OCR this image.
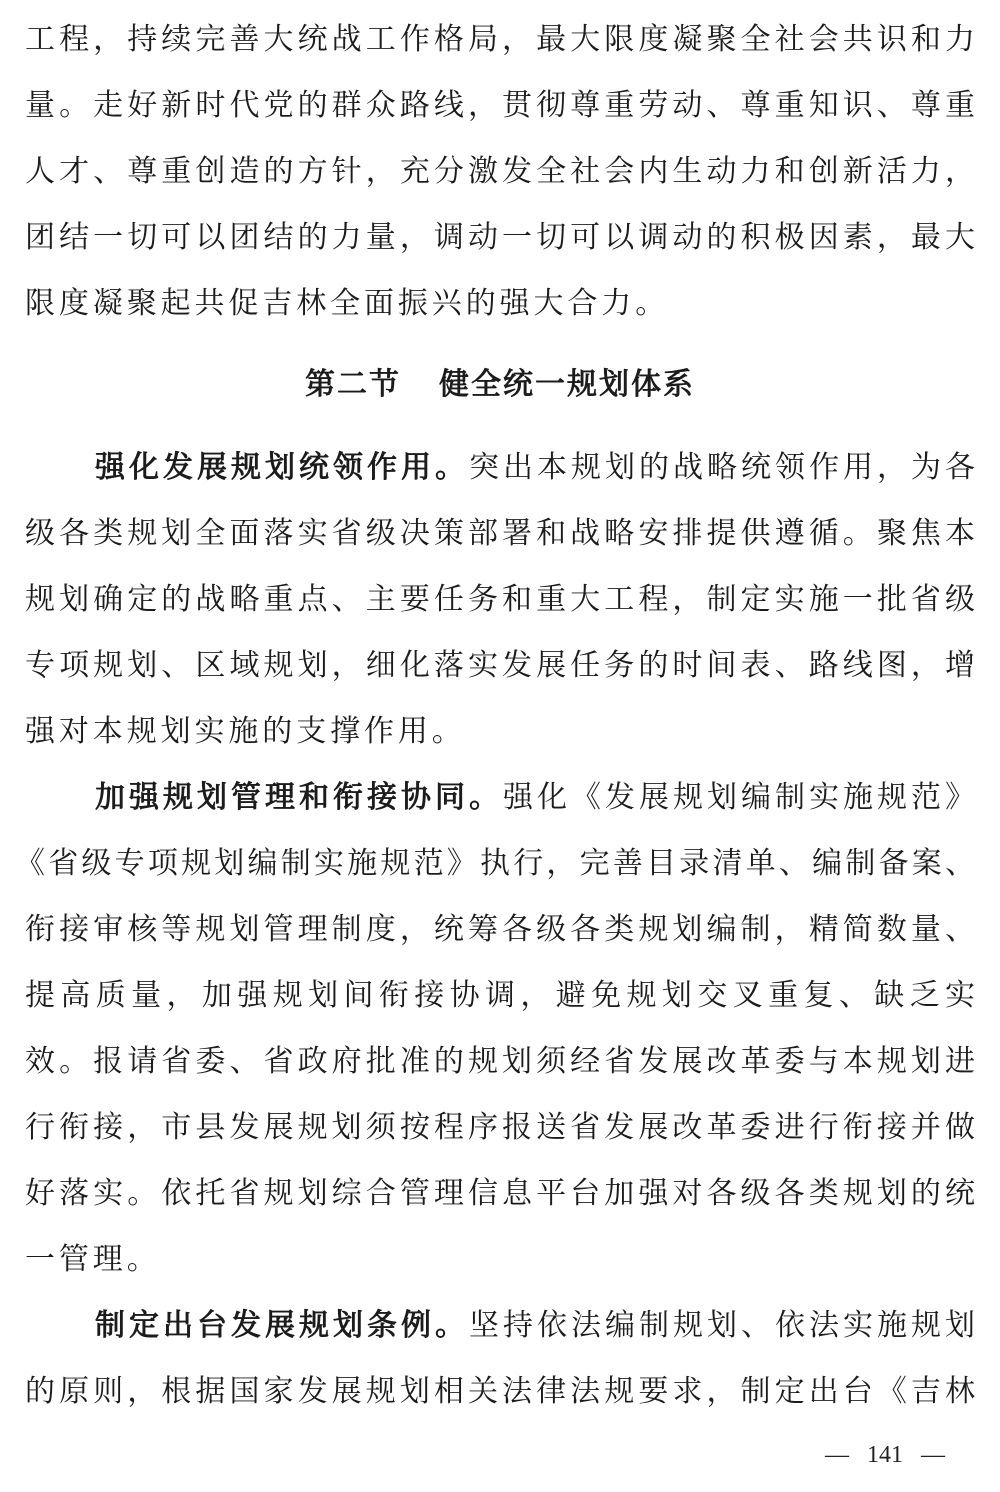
工程，持续完善大统战工作格局，最大限度凝聚全社会共识和力
量。走好新时代党的群众路线，贯彻尊重劳动、尊重知识、尊重
人才、尊重创造的方针，充分激发全社会内生动力和创新活力，
团结一切可以团结的力量，调动一切可以调动的积极因素，最大
限度凝聚起共促吉林全面振兴的强大合力。
第二节 健全统一规划体系
强化发展规划统领作用。突出本规划的战略统领作用，为各
级各类规划全面落实省级决策部署和战略安排提供遵循。聚焦本
规划确定的战略重点、主要任务和重大工程，制定实施一批省级
专项规划、区域规划，细化落实发展任务的时间表、路线图，增
强对本规划实施的支撑作用。
加强规划管理和衔接协同。强化《发展规划编制实施规范》
《省级专项规划编制实施规范》执行，完善目录清单、编制备案、
衔接审核等规划管理制度，统筹各级各类规划编制，精简数量、
提高质量，加强规划间衔接协调，避免规划交叉重复、缺乏实
效。报请省委、省政府批准的规划须经省发展改革委与本规划进
行衔接，市县发展规划须按程序报送省发展改革委进行衔接并做
好落实。依托省规划综合管理信息平台加强对各级各类规划的统
一管理。
制定出台发展规划条例。坚持依法编制规划、依法实施规划
的原则，根据国家发展规划相关法律法规要求，制定出台《吉林
— 141 —
